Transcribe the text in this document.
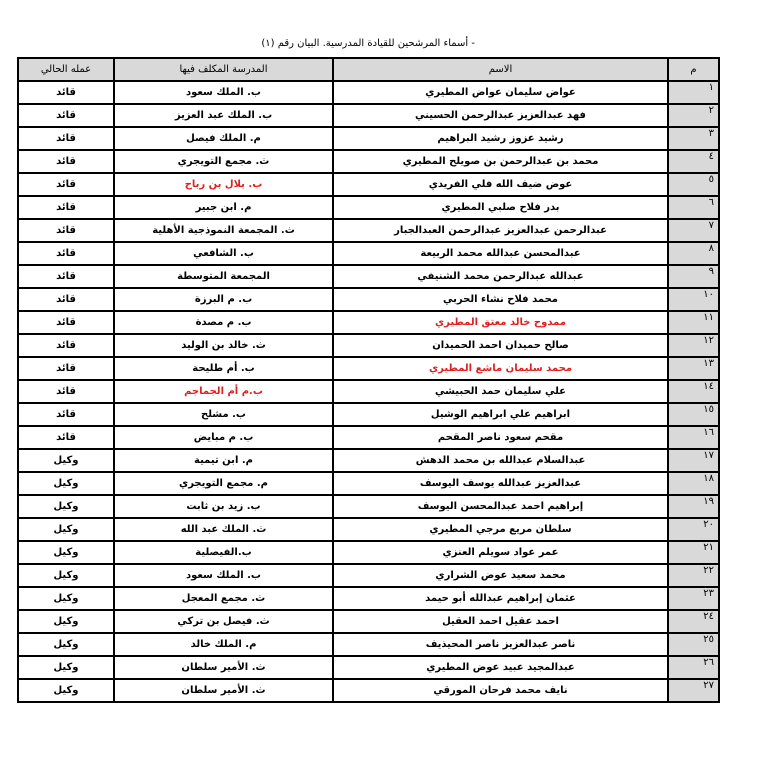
- أسماء المرشحين للقيادة المدرسية. البيان رقم (١)
م	الاسم	المدرسة المكلف فيها	عمله الحالي
١	عواض سليمان عواض المطيري	ب. الملك سعود	قائد
٢	فهد عبدالعزيز عبدالرحمن الحسيني	ب. الملك عبد العزيز	قائد
٣	رشيد عزوز رشيد البراهيم	م. الملك فيصل	قائد
٤	محمد بن عبدالرحمن بن صويلح المطيري	ث. مجمع التويجري	قائد
٥	عوض ضيف الله فلي الفريدي	ب. بلال بن رباح	قائد
٦	بدر فلاح صلبي المطيري	م. ابن جبير	قائد
٧	عبدالرحمن عبدالعزيز عبدالرحمن العبدالجبار	ث. المجمعة النموذجية الأهلية	قائد
٨	عبدالمحسن عبدالله محمد الربيعة	ب. الشافعي	قائد
٩	عبدالله عبدالرحمن محمد الشنيفي	المجمعة المتوسطة	قائد
١٠	محمد فلاح نشاء الحربي	ب. م البرزة	قائد
١١	ممدوح خالد معتق المطيري	ب. م مصدة	قائد
١٢	صالح حميدان احمد الحميدان	ث. خالد بن الوليد	قائد
١٣	محمد سليمان ماشع المطيري	ب. أم طليحة	قائد
١٤	علي سليمان حمد الحبيشي	ب.م أم الجماجم	قائد
١٥	ابراهيم علي ابراهيم الوشيل	ب. مشلح	قائد
١٦	مقحم سعود ناصر المقحم	ب. م مبايض	قائد
١٧	عبدالسلام عبدالله بن محمد الدهش	م. ابن تيمية	وكيل
١٨	عبدالعزيز عبدالله يوسف اليوسف	م. مجمع التويجري	وكيل
١٩	إبراهيم احمد عبدالمحسن اليوسف	ب. زيد بن ثابت	وكيل
٢٠	سلطان مريع مرجي المطيري	ث. الملك عبد الله	وكيل
٢١	عمر عواد سويلم العنزي	ب.الفيصلية	وكيل
٢٢	محمد سعيد عوض الشراري	ب. الملك سعود	وكيل
٢٣	عثمان إبراهيم عبدالله أبو حيمد	ث. مجمع المعجل	وكيل
٢٤	احمد عقيل احمد العقيل	ث. فيصل بن تركي	وكيل
٢٥	ناصر عبدالعزيز ناصر المحيذيف	م. الملك خالد	وكيل
٢٦	عبدالمجيد عبيد عوض المطيري	ث. الأمير سلطان	وكيل
٢٧	نايف محمد فرحان المورقي	ث. الأمير سلطان	وكيل
